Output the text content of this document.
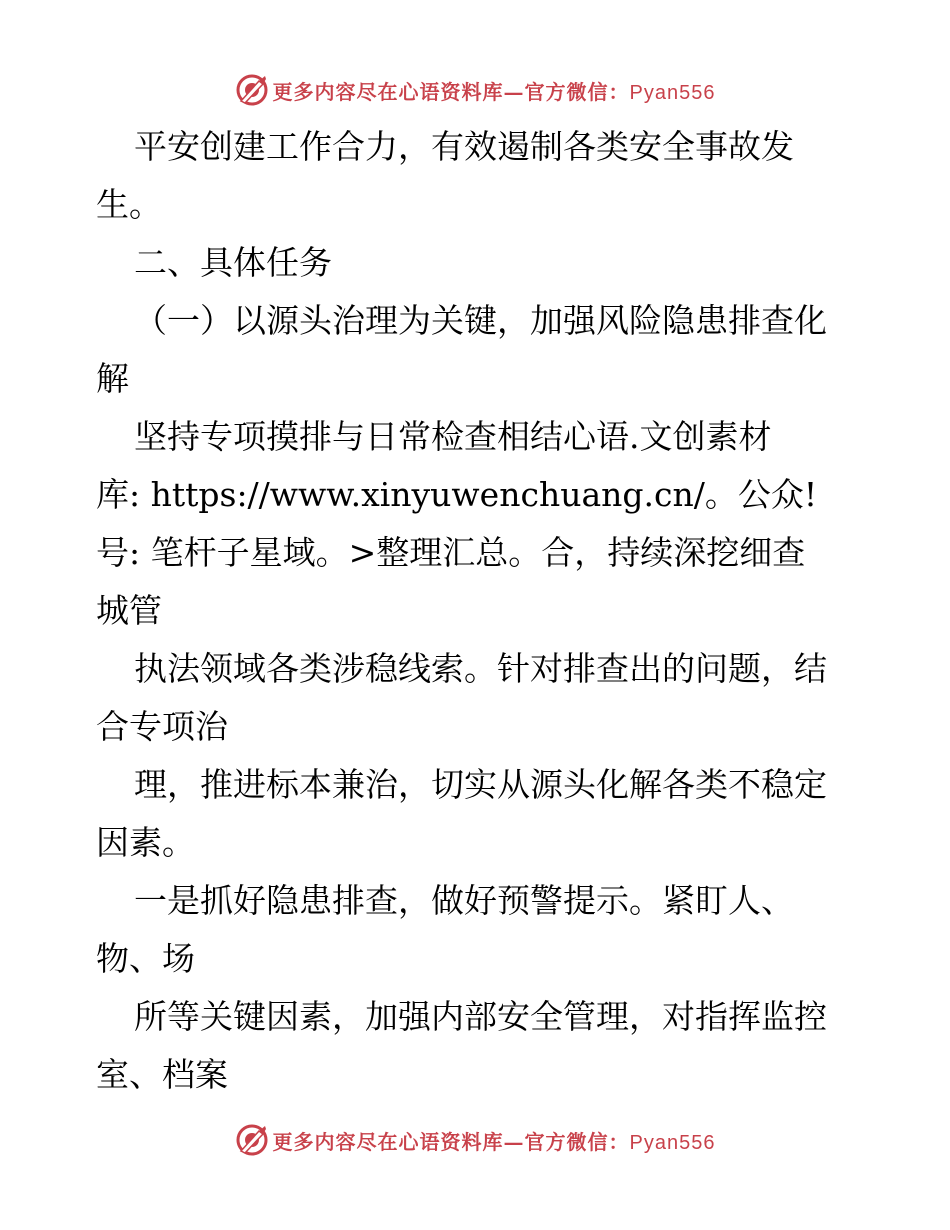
更多内容尽在心语资料库—官方微信：Pyan556
平安创建工作合力，有效遏制各类安全事故发
生。
二、具体任务
（一）以源头治理为关键，加强风险隐患排查化
解
坚持专项摸排与日常检查相结心语.文创素材
库: https://www.xinyuwenchuang.cn/。公众!
号: 笔杆子星域。>整理汇总。合，持续深挖细查
城管
执法领域各类涉稳线索。针对排查出的问题，结
合专项治
理，推进标本兼治，切实从源头化解各类不稳定
因素。
一是抓好隐患排查，做好预警提示。紧盯人、
物、场
所等关键因素，加强内部安全管理，对指挥监控
室、档案
更多内容尽在心语资料库—官方微信：Pyan556
